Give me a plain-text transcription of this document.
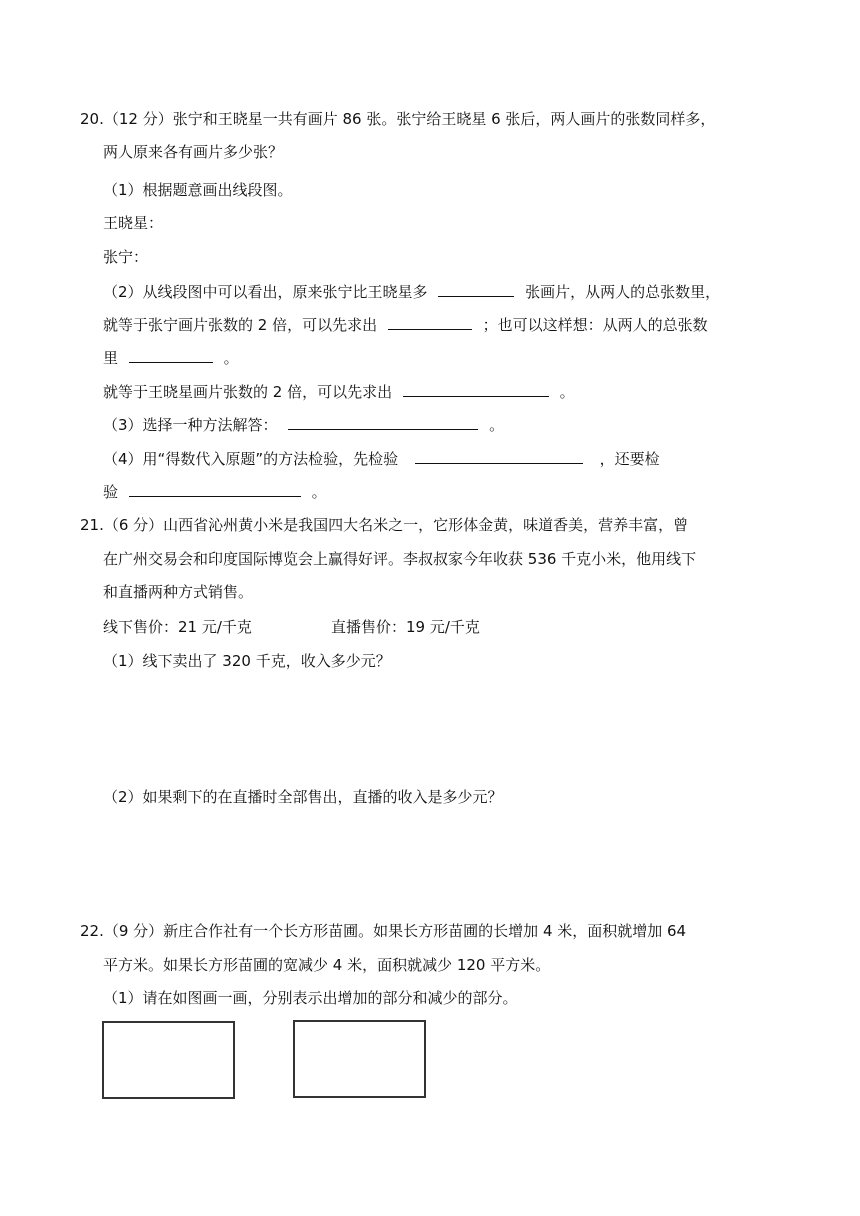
20.（12 分）张宁和王晓星一共有画片 86 张。张宁给王晓星 6 张后，两人画片的张数同样多，
两人原来各有画片多少张？
（1）根据题意画出线段图。
王晓星：
张宁：
（2）从线段图中可以看出，原来张宁比王晓星多	张画片，从两人的总张数里，
就等于张宁画片张数的 2 倍，可以先求出	；也可以这样想：从两人的总张数
里	。
就等于王晓星画片张数的 2 倍，可以先求出	。
（3）选择一种方法解答：	。
（4）用“得数代入原题”的方法检验，先检验	，还要检
验	。
21.（6 分）山西省沁州黄小米是我国四大名米之一，它形体金黄，味道香美，营养丰富，曾
在广州交易会和印度国际博览会上赢得好评。李叔叔家今年收获 536 千克小米，他用线下
和直播两种方式销售。
线下售价：21 元/千克	直播售价：19 元/千克
（1）线下卖出了 320 千克，收入多少元？
（2）如果剩下的在直播时全部售出，直播的收入是多少元？
22.（9 分）新庄合作社有一个长方形苗圃。如果长方形苗圃的长增加 4 米，面积就增加 64
平方米。如果长方形苗圃的宽减少 4 米，面积就减少 120 平方米。
（1）请在如图画一画，分别表示出增加的部分和减少的部分。
